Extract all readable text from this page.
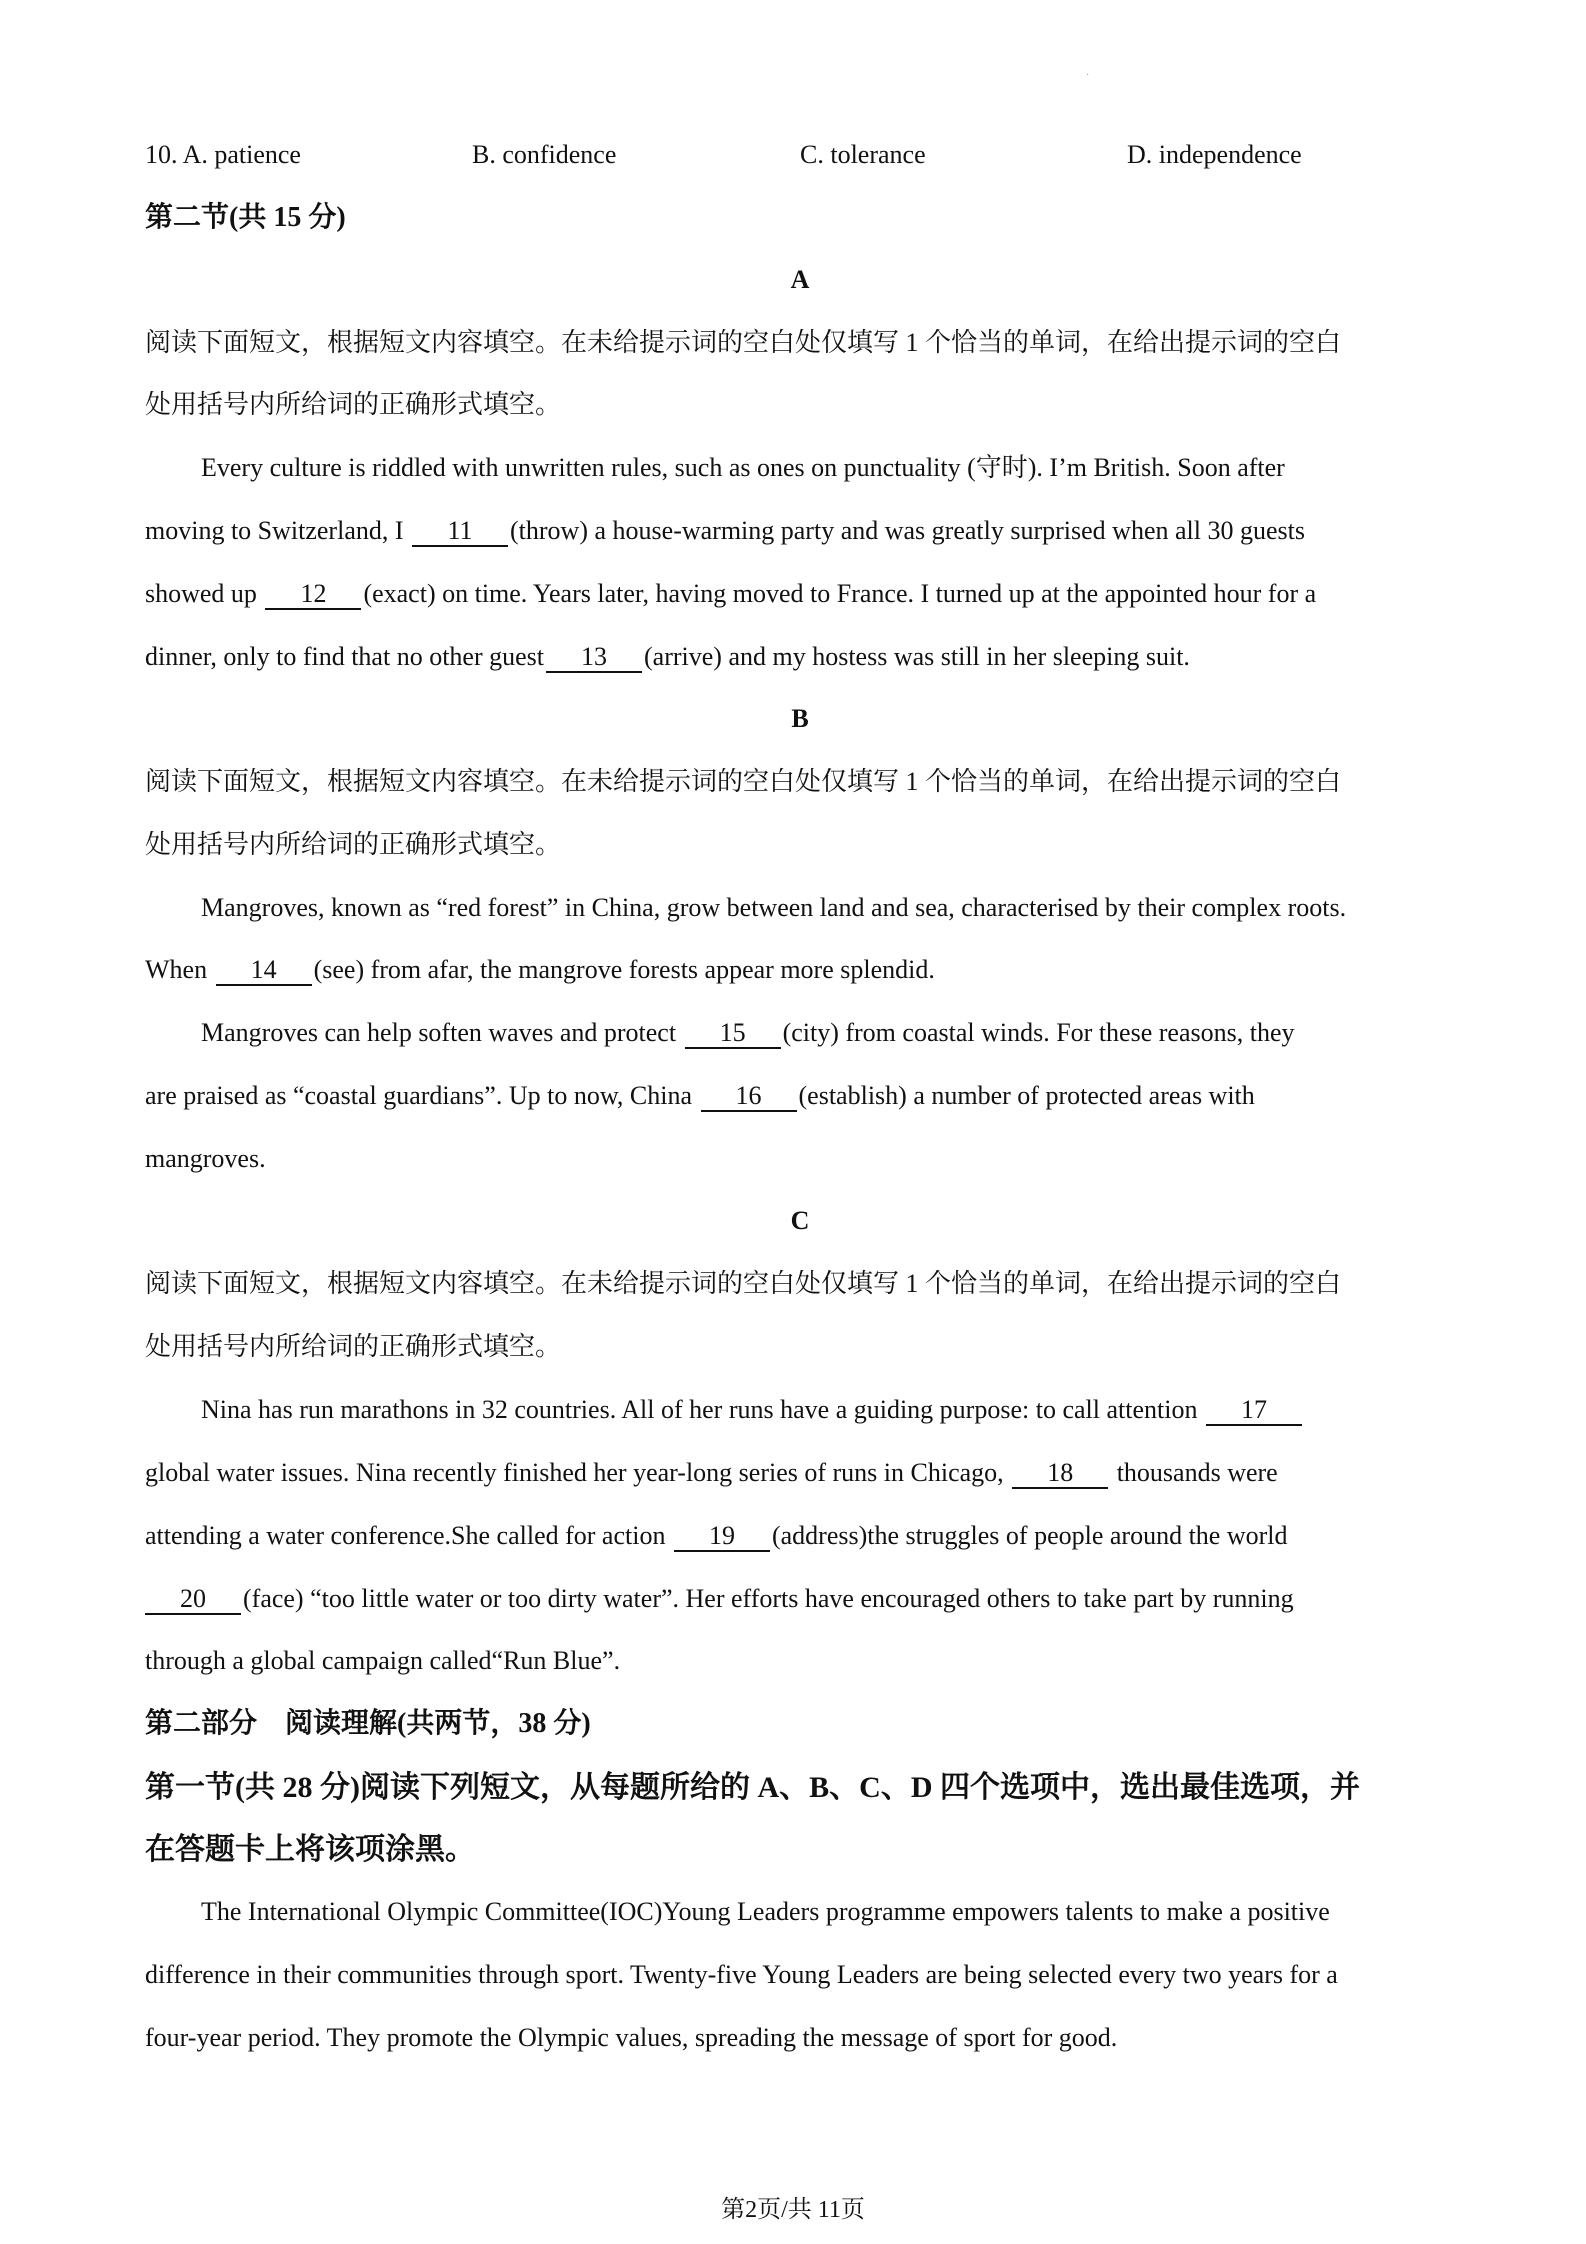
·
10. A. patience	B. confidence	C. tolerance	D. independence
第二节(共 15 分)
A
阅读下面短文，根据短文内容填空。在未给提示词的空白处仅填写 1 个恰当的单词，在给出提示词的空白
处用括号内所给词的正确形式填空。
Every culture is riddled with unwritten rules, such as ones on punctuality (守时). I’m British. Soon after
moving to Switzerland, I 11 (throw) a house-warming party and was greatly surprised when all 30 guests
showed up 12 (exact) on time. Years later, having moved to France. I turned up at the appointed hour for a
dinner, only to find that no other guest 13 (arrive) and my hostess was still in her sleeping suit.
B
阅读下面短文，根据短文内容填空。在未给提示词的空白处仅填写 1 个恰当的单词，在给出提示词的空白
处用括号内所给词的正确形式填空。
Mangroves, known as “red forest” in China, grow between land and sea, characterised by their complex roots.
When 14 (see) from afar, the mangrove forests appear more splendid.
Mangroves can help soften waves and protect 15 (city) from coastal winds. For these reasons, they
are praised as “coastal guardians”. Up to now, China 16 (establish) a number of protected areas with
mangroves.
C
阅读下面短文，根据短文内容填空。在未给提示词的空白处仅填写 1 个恰当的单词，在给出提示词的空白
处用括号内所给词的正确形式填空。
Nina has run marathons in 32 countries. All of her runs have a guiding purpose: to call attention 17
global water issues. Nina recently finished her year-long series of runs in Chicago, 18 thousands were
attending a water conference.She called for action 19 (address)the struggles of people around the world
20 (face) “too little water or too dirty water”. Her efforts have encouraged others to take part by running
through a global campaign called“Run Blue”.
第二部分　阅读理解(共两节，38 分)
第一节(共 28 分)阅读下列短文，从每题所给的 A、B、C、D 四个选项中，选出最佳选项，并
在答题卡上将该项涂黑。
The International Olympic Committee(IOC)Young Leaders programme empowers talents to make a positive
difference in their communities through sport. Twenty-five Young Leaders are being selected every two years for a
four-year period. They promote the Olympic values, spreading the message of sport for good.
第2页/共 11页
